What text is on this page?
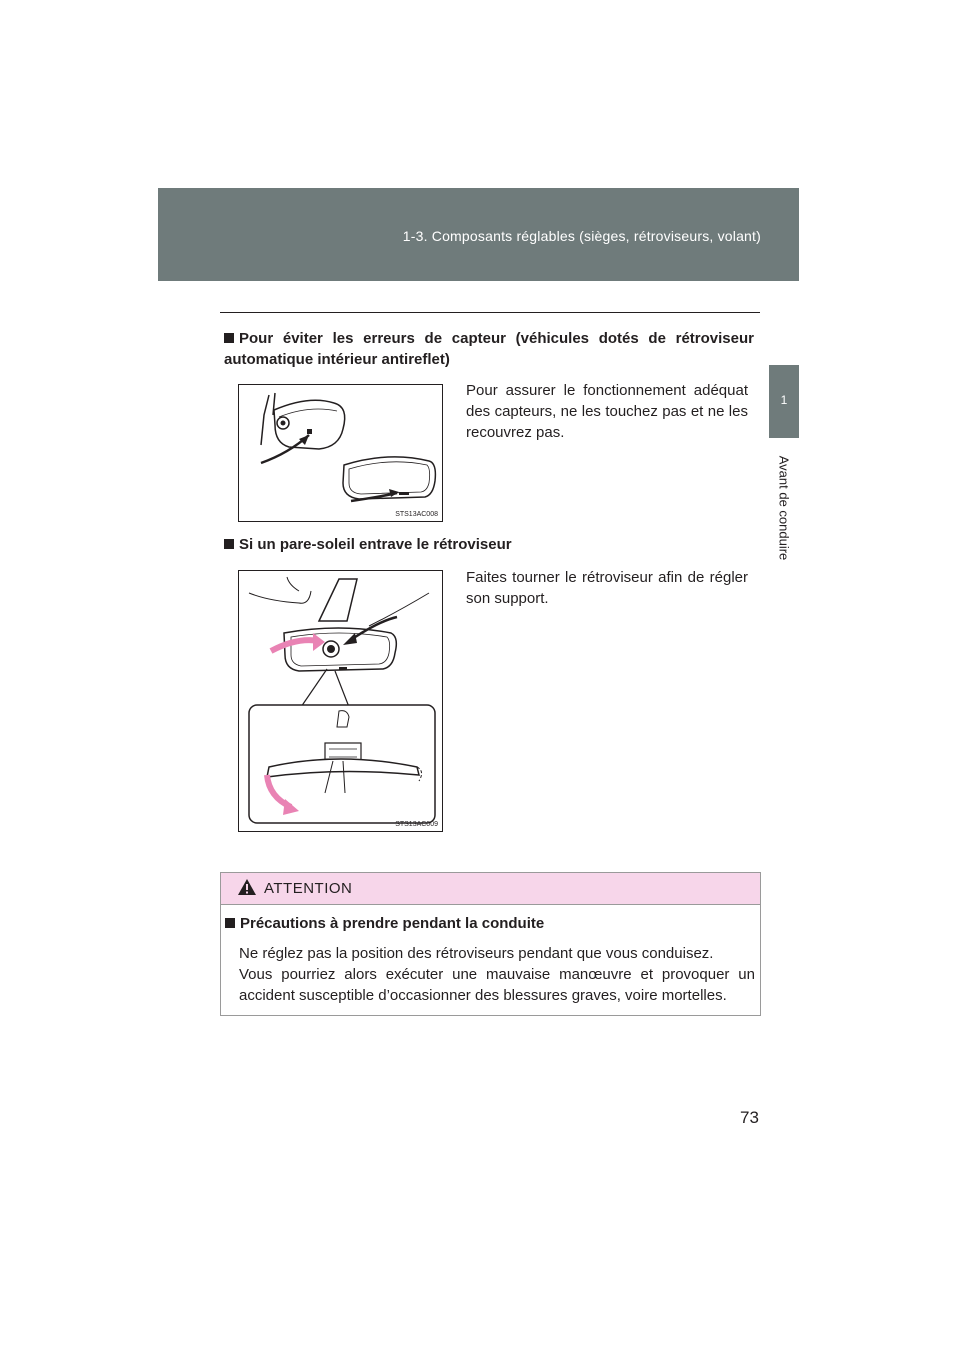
1-3. Composants réglables (sièges, rétroviseurs, volant)
1
Avant de conduire
Pour éviter les erreurs de capteur (véhicules dotés de rétroviseur automatique intérieur antireflet)
STS13AC008
Pour assurer le fonctionnement adéquat des capteurs, ne les touchez pas et ne les recouvrez pas.
Si un pare-soleil entrave le rétroviseur
STS13AC009
Faites tourner le rétroviseur afin de régler son support.
ATTENTION
Précautions à prendre pendant la conduite

Ne réglez pas la position des rétroviseurs pendant que vous conduisez.

Vous pourriez alors exécuter une mauvaise manœuvre et provoquer un accident susceptible d’occasionner des blessures graves, voire mortelles.

73
